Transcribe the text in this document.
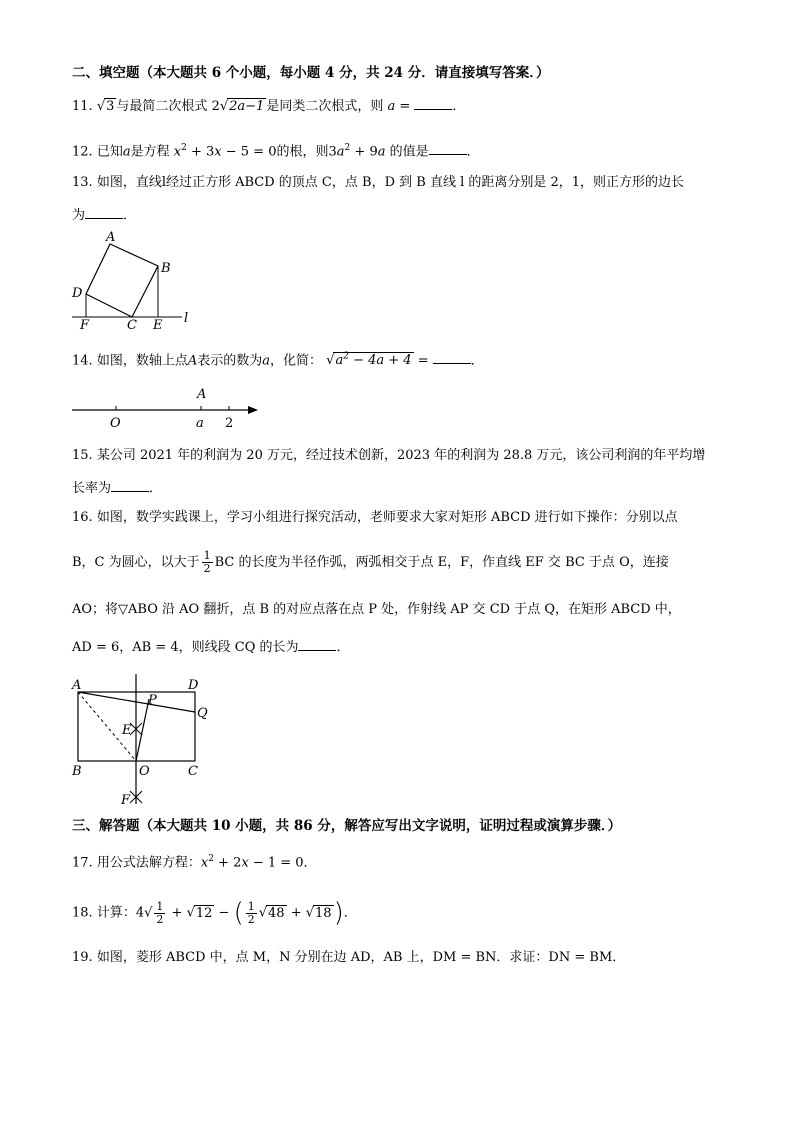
二、填空题（本大题共 6 个小题，每小题 4 分，共 24 分．请直接填写答案．）
11. √3 与最简二次根式 2√2a−1 是同类二次根式，则 a =	．
12. 已知a是方程 $x^2 + 3x - 5 = 0$的根，则$3a^2 + 9a$ 的值是	．
13. 如图，直线l经过正方形 ABCD 的顶点 C，点 B，D 到 B 直线 l 的距离分别是 2，1，则正方形的边长
为	．
A
B
D
F	C E l
14. 如图，数轴上点A表示的数为a，化简： $√a^2 - 4a + 4$ =	．
A
O	a 2
15. 某公司 2021 年的利润为 20 万元，经过技术创新，2023 年的利润为 28.8 万元，该公司利润的年平均增
长率为	．
16. 如图，数学实践课上，学习小组进行探究活动，老师要求大家对矩形 ABCD 进行如下操作：分别以点
B，C 为圆心，以大于 $\frac{1}{2}$ BC 的长度为半径作弧，两弧相交于点 E，F，作直线 EF 交 BC 于点 O，连接
AO；将▽ABO 沿 AO 翻折，点 B 的对应点落在点 P 处，作射线 AP 交 CD 于点 Q，在矩形 ABCD 中，
AD = 6，AB = 4，则线段 CQ 的长为	．
A	D
P
Q
E
B	O	C
F
三、解答题（本大题共 10 小题，共 86 分，解答应写出文字说明，证明过程或演算步骤．）
17. 用公式法解方程：$x^2 + 2x - 1 = 0$．
18. 计算：$4√ \frac{1}{2} + √12$ − ( $\frac{1}{2} √48 + √18$)．
19. 如图，菱形 ABCD 中，点 M，N 分别在边 AD，AB 上，DM = BN．求证：DN = BM．
